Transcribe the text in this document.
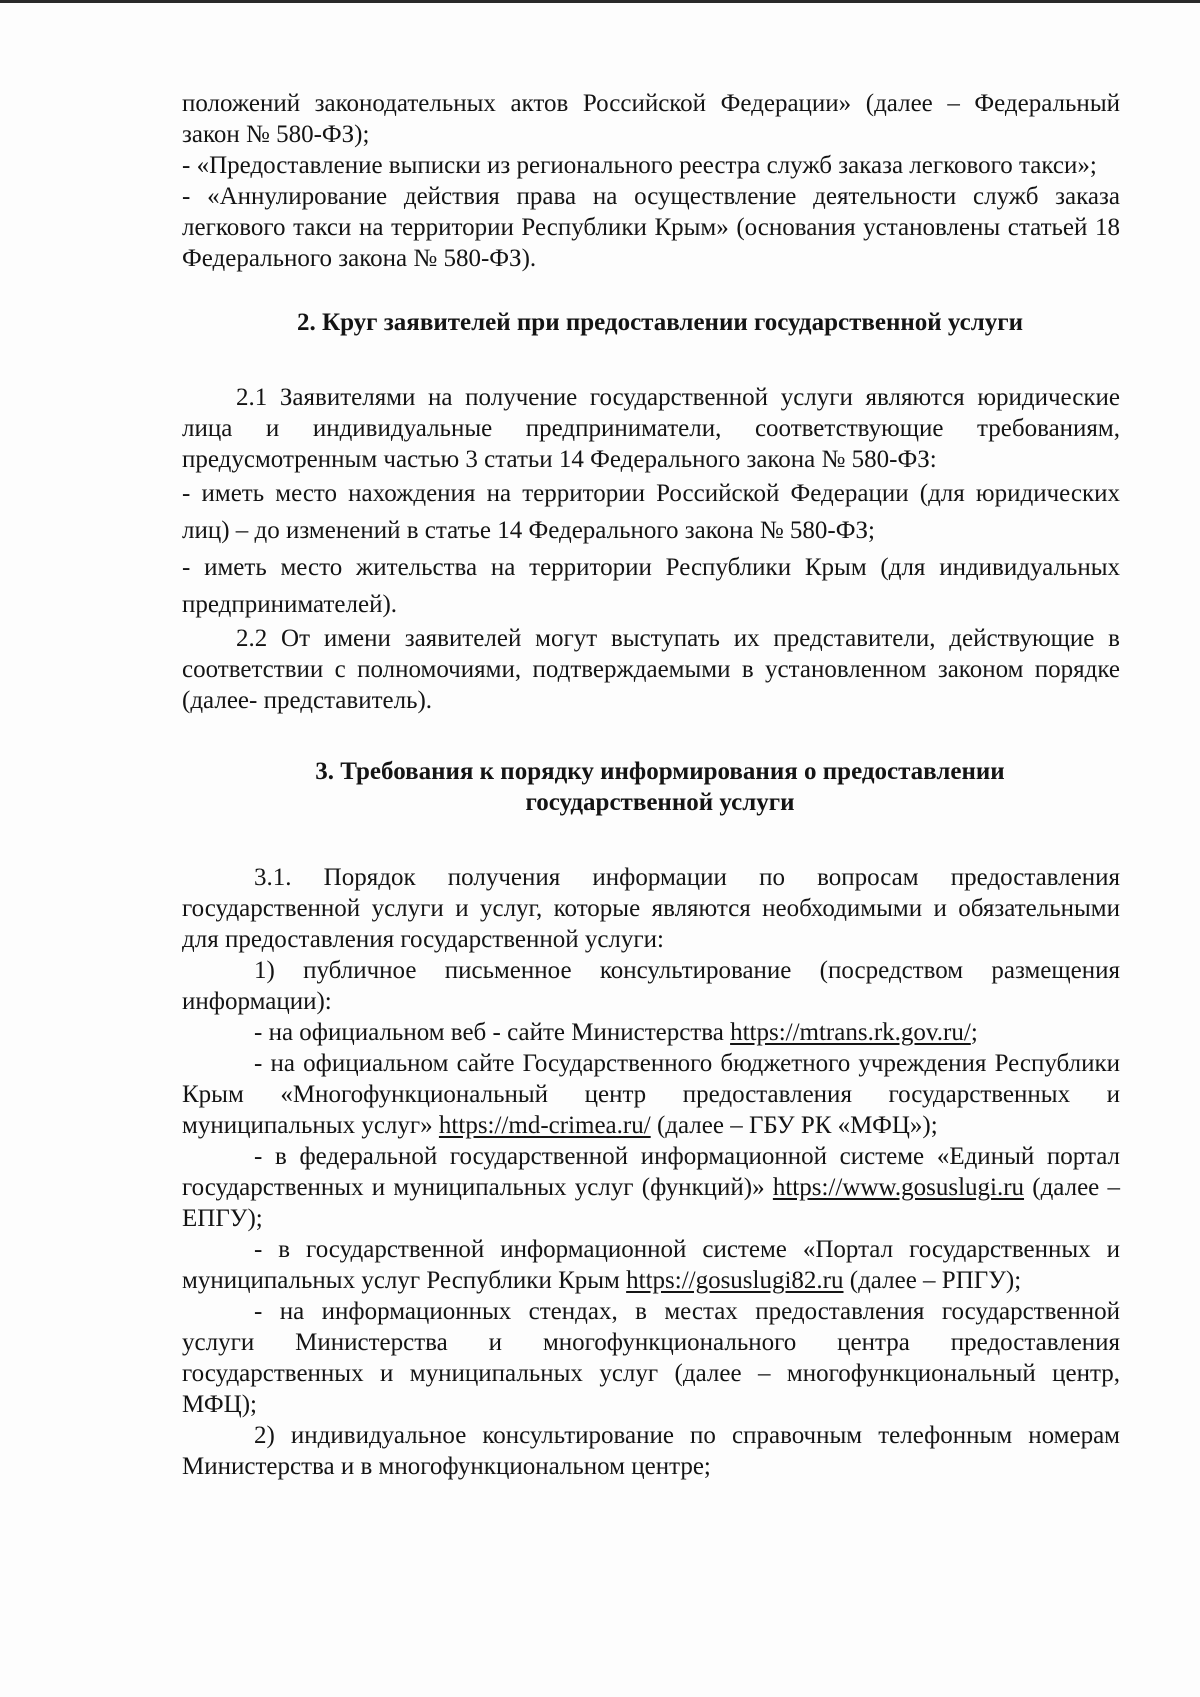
положений законодательных актов Российской Федерации» (далее – Федеральный закон № 580-ФЗ);

- «Предоставление выписки из регионального реестра служб заказа легкового такси»;

- «Аннулирование действия права на осуществление деятельности служб заказа легкового такси на территории Республики Крым» (основания установлены статьей 18 Федерального закона № 580-ФЗ).

2. Круг заявителей при предоставлении государственной услуги

2.1 Заявителями на получение государственной услуги являются юридические лица и индивидуальные предприниматели, соответствующие требованиям, предусмотренным частью 3 статьи 14 Федерального закона № 580-ФЗ:

- иметь место нахождения на территории Российской Федерации (для юридических лиц) – до изменений в статье 14 Федерального закона № 580-ФЗ;

- иметь место жительства на территории Республики Крым (для индивидуальных предпринимателей).

2.2 От имени заявителей могут выступать их представители, действующие в соответствии с полномочиями, подтверждаемыми в установленном законом порядке (далее- представитель).

3. Требования к порядку информирования о предоставлении
государственной услуги

3.1. Порядок получения информации по вопросам предоставления государственной услуги и услуг, которые являются необходимыми и обязательными для предоставления государственной услуги:

1) публичное письменное консультирование (посредством размещения информации):

- на официальном веб - сайте Министерства https://mtrans.rk.gov.ru/;

- на официальном сайте Государственного бюджетного учреждения Республики Крым «Многофункциональный центр предоставления государственных и муниципальных услуг» https://md-crimea.ru/ (далее – ГБУ РК «МФЦ»);

- в федеральной государственной информационной системе «Единый портал государственных и муниципальных услуг (функций)» https://www.gosuslugi.ru (далее – ЕПГУ);

- в государственной информационной системе «Портал государственных и муниципальных услуг Республики Крым https://gosuslugi82.ru (далее – РПГУ);

- на информационных стендах, в местах предоставления государственной услуги Министерства и многофункционального центра предоставления государственных и муниципальных услуг (далее – многофункциональный центр, МФЦ);

2) индивидуальное консультирование по справочным телефонным номерам Министерства и в многофункциональном центре;
